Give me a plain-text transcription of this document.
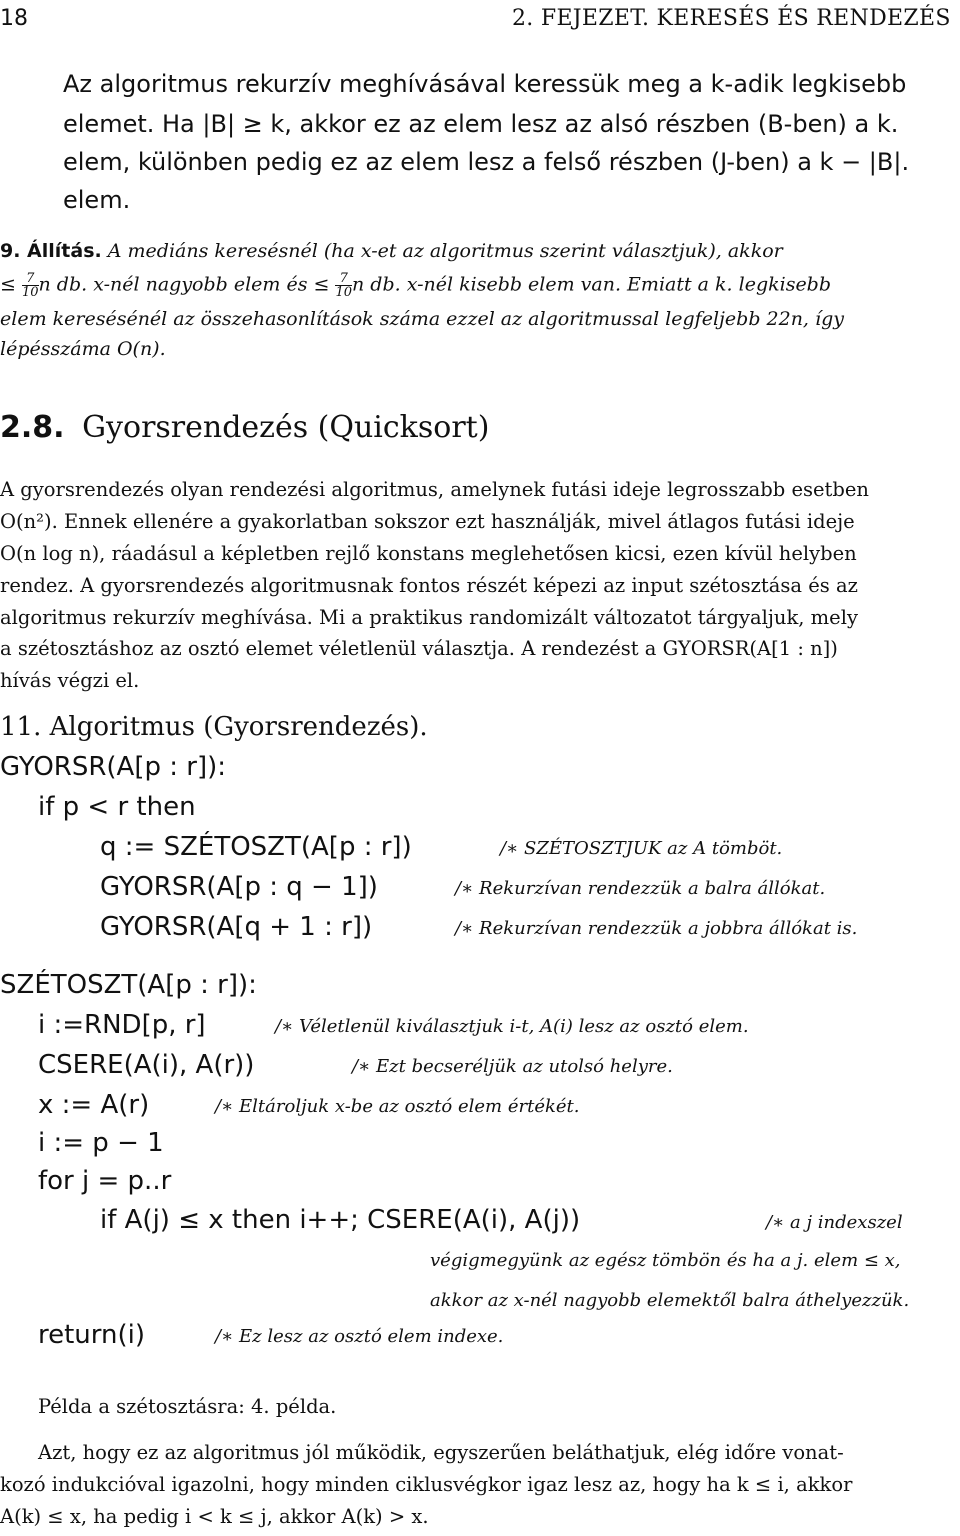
18	2. FEJEZET. KERESÉS ÉS RENDEZÉS
Az algoritmus rekurzív meghívásával keressük meg a k-adik legkisebb
elemet. Ha |B| ≥ k, akkor ez az elem lesz az alsó részben (B-ben) a k.
elem, különben pedig ez az elem lesz a felső részben (J-ben) a k − |B|.
elem.
9. Állítás. A mediáns keresésnél (ha x-et az algoritmus szerint választjuk), akkor
≤ $\frac{7}{10}$ n db. x-nél nagyobb elem és ≤ $\frac{7}{10}$ n db. x-nél kisebb elem van. Emiatt a k. legkisebb
elem keresésénél az összehasonlítások száma ezzel az algoritmussal legfeljebb 22n, így
lépésszáma O(n).
2.8. Gyorsrendezés (Quicksort)
A gyorsrendezés olyan rendezési algoritmus, amelynek futási ideje legrosszabb esetben
O(n²). Ennek ellenére a gyakorlatban sokszor ezt használják, mivel átlagos futási ideje
O(n log n), ráadásul a képletben rejlő konstans meglehetősen kicsi, ezen kívül helyben
rendez. A gyorsrendezés algoritmusnak fontos részét képezi az input szétosztása és az
algoritmus rekurzív meghívása. Mi a praktikus randomizált változatot tárgyaljuk, mely
a szétosztáshoz az osztó elemet véletlenül választja. A rendezést a GYORSR(A[1 : n])
hívás végzi el.
11. Algoritmus (Gyorsrendezés).
GYORSR(A[p : r]):
if p < r then
q := SZÉTOSZT(A[p : r])	/∗ SZÉTOSZTJUK az A tömböt.
GYORSR(A[p : q − 1])	/∗ Rekurzívan rendezzük a balra állókat.
GYORSR(A[q + 1 : r])	/∗ Rekurzívan rendezzük a jobbra állókat is.
SZÉTOSZT(A[p : r]):
i :=RND[p, r]	/∗ Véletlenül kiválasztjuk i-t, A(i) lesz az osztó elem.
CSERE(A(i), A(r))	/∗ Ezt becseréljük az utolsó helyre.
x := A(r)	/∗ Eltároljuk x-be az osztó elem értékét.
i := p − 1
for j = p..r
if A(j) ≤ x then i++; CSERE(A(i), A(j))	/∗ a j indexszel
végigmegyünk az egész tömbön és ha a j. elem ≤ x,
akkor az x-nél nagyobb elemektől balra áthelyezzük.
return(i)	/∗ Ez lesz az osztó elem indexe.
Példa a szétosztásra: 4. példa.
Azt, hogy ez az algoritmus jól működik, egyszerűen beláthatjuk, elég időre vonat-
kozó indukcióval igazolni, hogy minden ciklusvégkor igaz lesz az, hogy ha k ≤ i, akkor
A(k) ≤ x, ha pedig i < k ≤ j, akkor A(k) > x.
